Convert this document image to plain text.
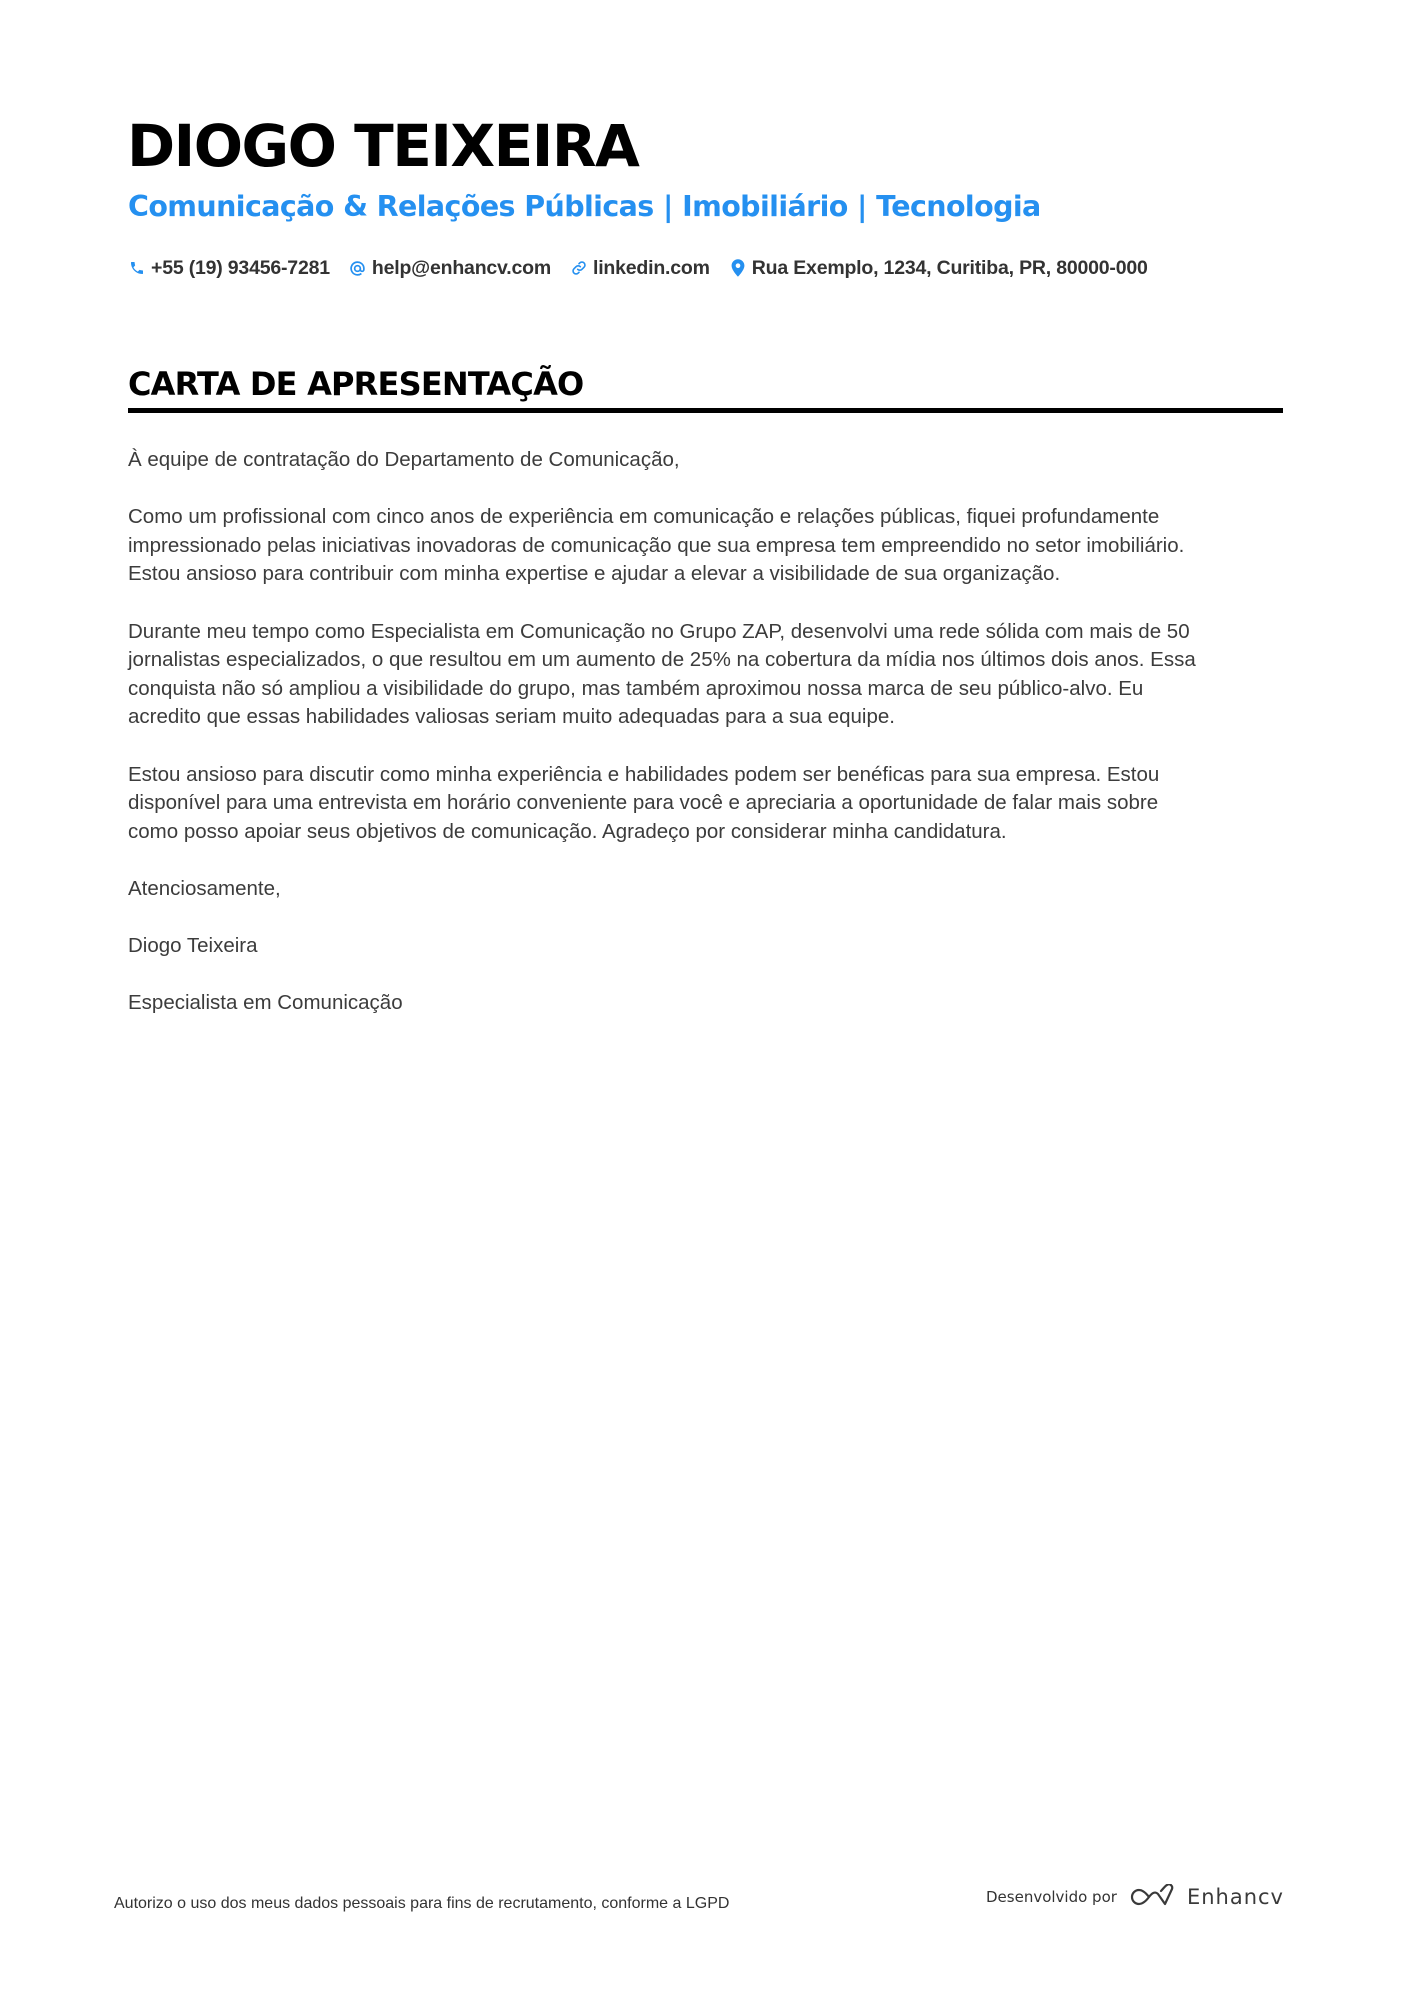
DIOGO TEIXEIRA
Comunicação & Relações Públicas | Imobiliário | Tecnologia
+55 (19) 93456-7281 help@enhancv.com linkedin.com Rua Exemplo, 1234, Curitiba, PR, 80000-000
CARTA DE APRESENTAÇÃO

À equipe de contratação do Departamento de Comunicação,

Como um profissional com cinco anos de experiência em comunicação e relações públicas, fiquei profundamente
impressionado pelas iniciativas inovadoras de comunicação que sua empresa tem empreendido no setor imobiliário.
Estou ansioso para contribuir com minha expertise e ajudar a elevar a visibilidade de sua organização.

Durante meu tempo como Especialista em Comunicação no Grupo ZAP, desenvolvi uma rede sólida com mais de 50
jornalistas especializados, o que resultou em um aumento de 25% na cobertura da mídia nos últimos dois anos. Essa
conquista não só ampliou a visibilidade do grupo, mas também aproximou nossa marca de seu público-alvo. Eu
acredito que essas habilidades valiosas seriam muito adequadas para a sua equipe.

Estou ansioso para discutir como minha experiência e habilidades podem ser benéficas para sua empresa. Estou
disponível para uma entrevista em horário conveniente para você e apreciaria a oportunidade de falar mais sobre
como posso apoiar seus objetivos de comunicação. Agradeço por considerar minha candidatura.

Atenciosamente,

Diogo Teixeira

Especialista em Comunicação

Autorizo o uso dos meus dados pessoais para fins de recrutamento, conforme a LGPD	Desenvolvido por	Enhancv
